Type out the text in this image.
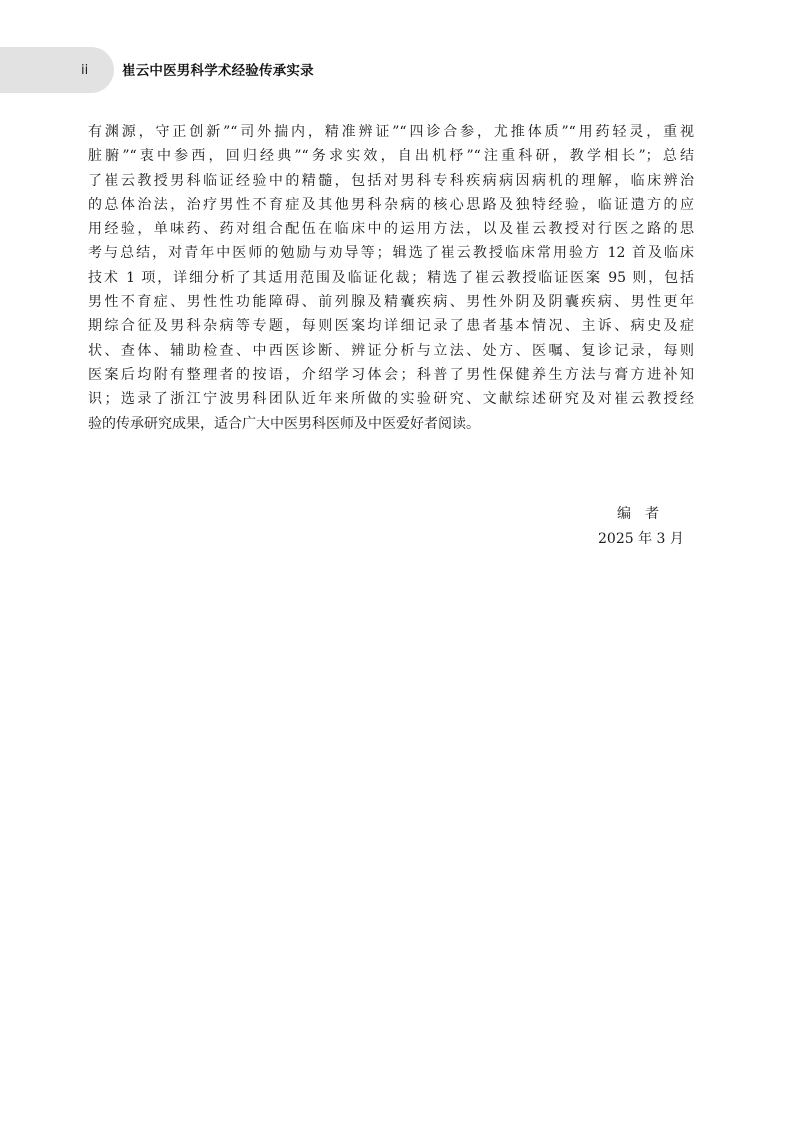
ii	崔云中医男科学术经验传承实录
有渊源，守正创新”“司外揣内，精准辨证”“四诊合参，尤推体质”“用药轻灵，重视
脏腑”“衷中参西，回归经典”“务求实效，自出机杼”“注重科研，教学相长”；总结
了崔云教授男科临证经验中的精髓，包括对男科专科疾病病因病机的理解，临床辨治
的总体治法，治疗男性不育症及其他男科杂病的核心思路及独特经验，临证遣方的应
用经验，单味药、药对组合配伍在临床中的运用方法，以及崔云教授对行医之路的思
考与总结，对青年中医师的勉励与劝导等；辑选了崔云教授临床常用验方 12 首及临床
技术 1 项，详细分析了其适用范围及临证化裁；精选了崔云教授临证医案 95 则，包括
男性不育症、男性性功能障碍、前列腺及精囊疾病、男性外阴及阴囊疾病、男性更年
期综合征及男科杂病等专题，每则医案均详细记录了患者基本情况、主诉、病史及症
状、查体、辅助检查、中西医诊断、辨证分析与立法、处方、医嘱、复诊记录，每则
医案后均附有整理者的按语，介绍学习体会；科普了男性保健养生方法与膏方进补知
识；选录了浙江宁波男科团队近年来所做的实验研究、文献综述研究及对崔云教授经
验的传承研究成果，适合广大中医男科医师及中医爱好者阅读。
编者
2025 年 3 月
